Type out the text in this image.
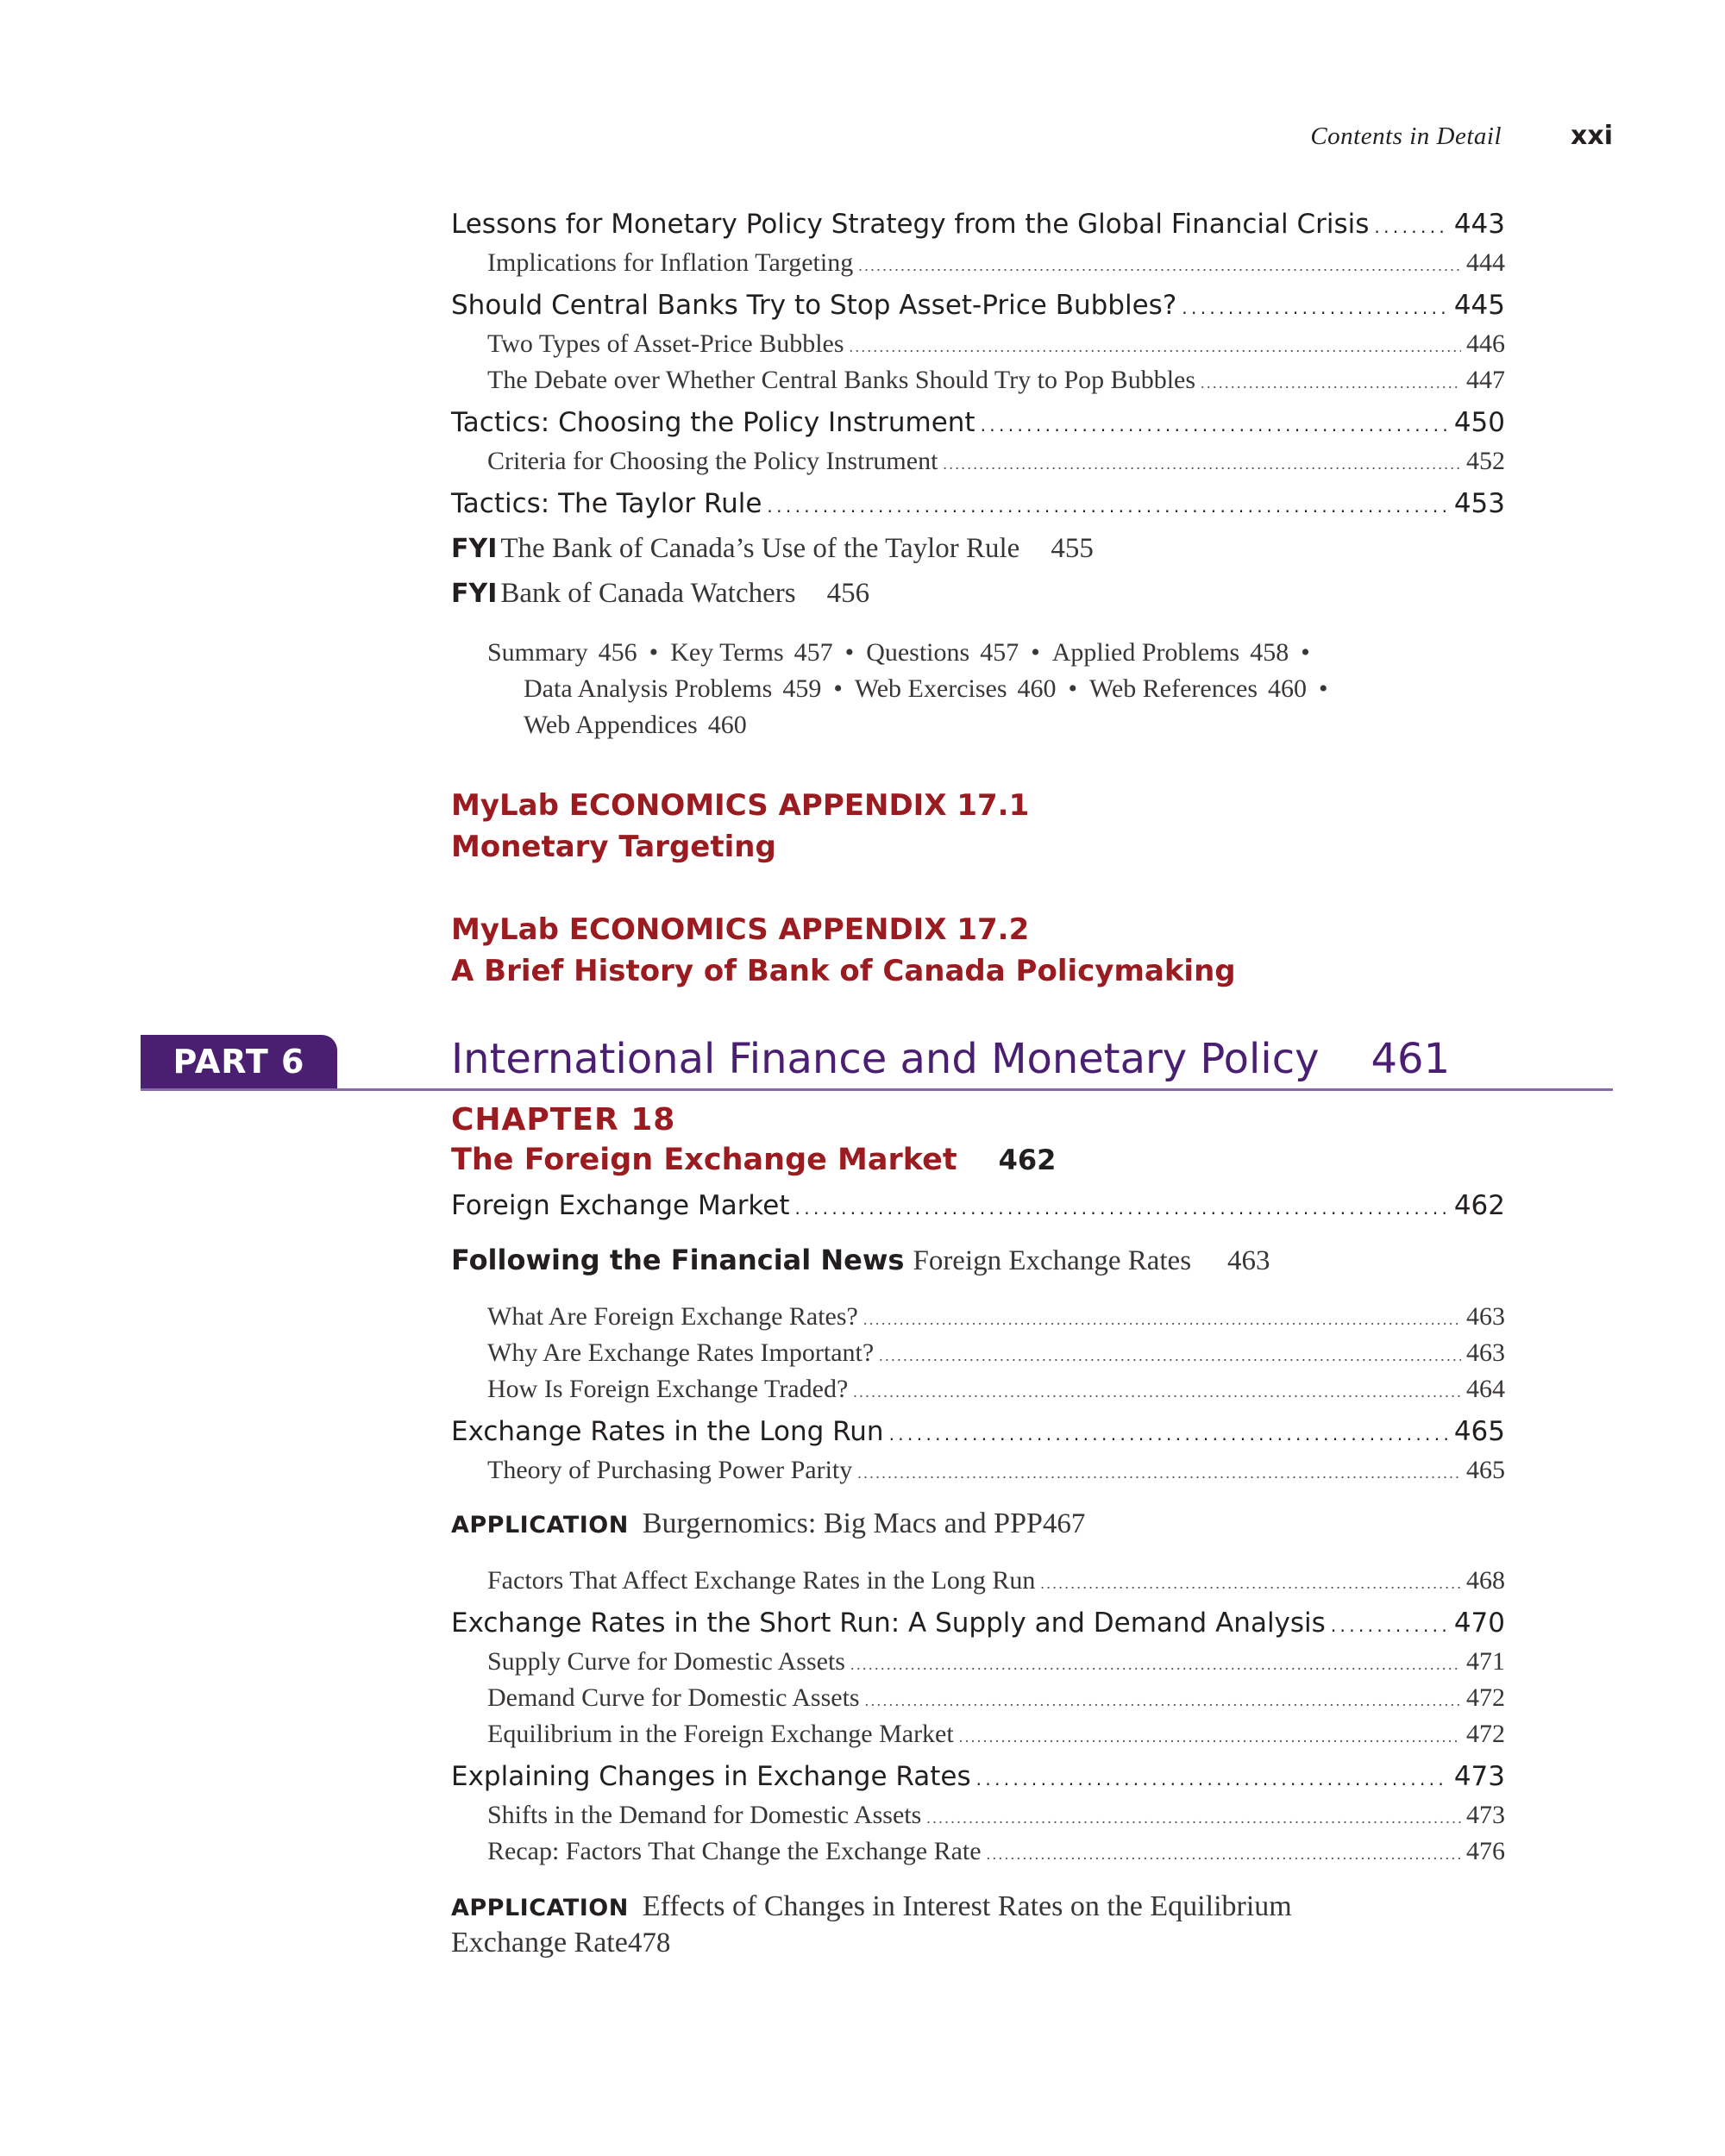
Contents in Detail	xxi
Lessons for Monetary Policy Strategy from the Global Financial Crisis . . .	443
Implications for Inflation Targeting . . .	444
Should Central Banks Try to Stop Asset-Price Bubbles? . . .	445
Two Types of Asset-Price Bubbles . . .	446
The Debate over Whether Central Banks Should Try to Pop Bubbles . . .	447
Tactics: Choosing the Policy Instrument . . .	450
Criteria for Choosing the Policy Instrument . . .	452
Tactics: The Taylor Rule . . .	453
FYI The Bank of Canada’s Use of the Taylor Rule 455
FYI Bank of Canada Watchers 456
Summary 456 • Key Terms 457 • Questions 457 • Applied Problems 458 •
Data Analysis Problems 459 • Web Exercises 460 • Web References 460 •
Web Appendices 460
MyLab ECONOMICS APPENDIX 17.1
Monetary Targeting
MyLab ECONOMICS APPENDIX 17.2
A Brief History of Bank of Canada Policymaking
PART 6	International Finance and Monetary Policy 461
CHAPTER 18
The Foreign Exchange Market 462
Foreign Exchange Market . . .	462
Following the Financial News Foreign Exchange Rates 463
What Are Foreign Exchange Rates? . . .	463
Why Are Exchange Rates Important? . . .	463
How Is Foreign Exchange Traded? . . .	464
Exchange Rates in the Long Run . . .	465
Theory of Purchasing Power Parity . . .	465
APPLICATION Burgernomics: Big Macs and PPP 467
Factors That Affect Exchange Rates in the Long Run . . .	468
Exchange Rates in the Short Run: A Supply and Demand Analysis . . .	470
Supply Curve for Domestic Assets . . .	471
Demand Curve for Domestic Assets . . .	472
Equilibrium in the Foreign Exchange Market . . .	472
Explaining Changes in Exchange Rates . . .	473
Shifts in the Demand for Domestic Assets . . .	473
Recap: Factors That Change the Exchange Rate . . .	476
APPLICATION Effects of Changes in Interest Rates on the Equilibrium
Exchange Rate 478
